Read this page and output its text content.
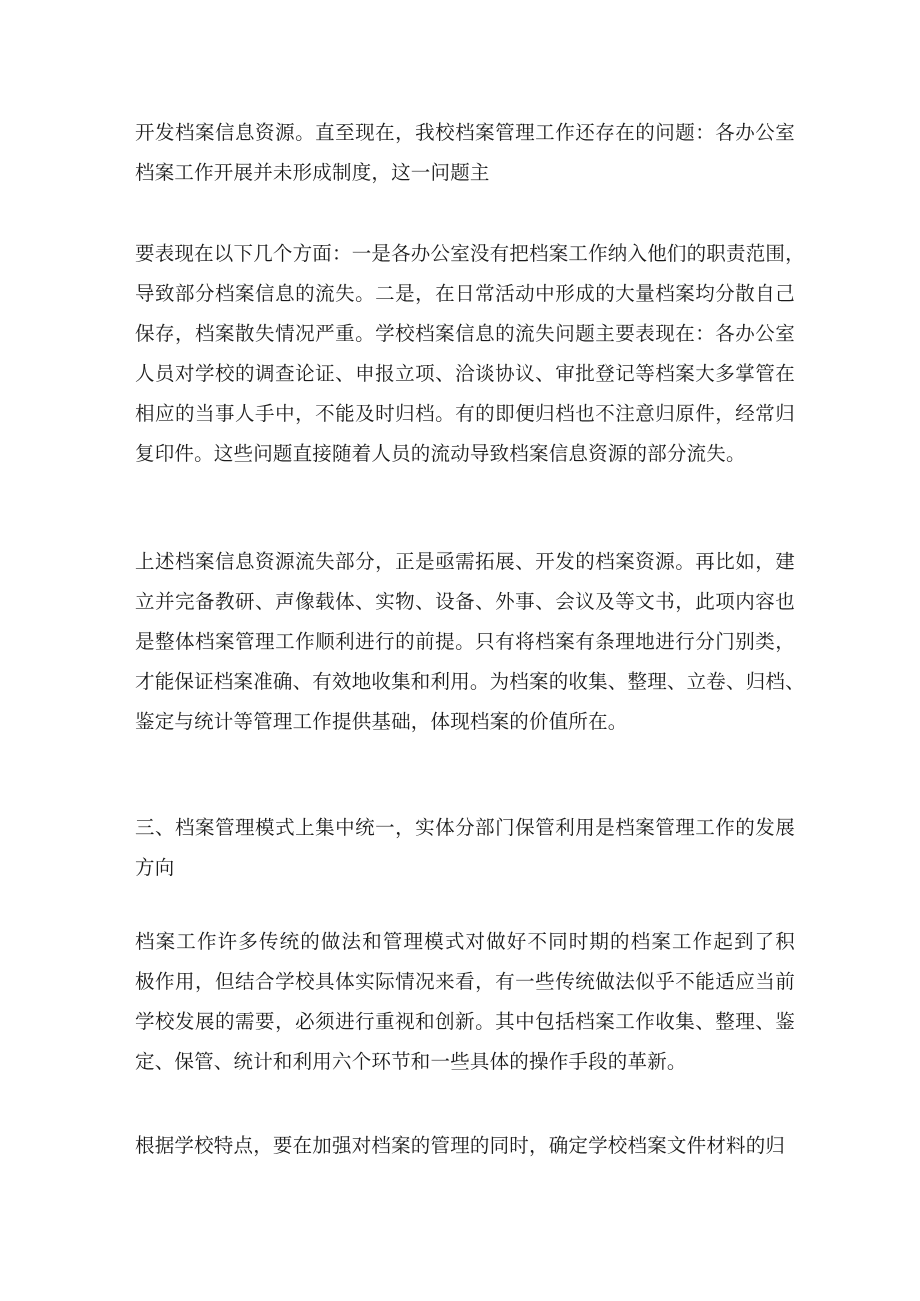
开发档案信息资源。直至现在，我校档案管理工作还存在的问题：各办公室
档案工作开展并未形成制度，这一问题主
要表现在以下几个方面：一是各办公室没有把档案工作纳入他们的职责范围，
导致部分档案信息的流失。二是，在日常活动中形成的大量档案均分散自己
保存，档案散失情况严重。学校档案信息的流失问题主要表现在：各办公室
人员对学校的调查论证、申报立项、洽谈协议、审批登记等档案大多掌管在
相应的当事人手中，不能及时归档。有的即便归档也不注意归原件，经常归
复印件。这些问题直接随着人员的流动导致档案信息资源的部分流失。
上述档案信息资源流失部分，正是亟需拓展、开发的档案资源。再比如，建
立并完备教研、声像载体、实物、设备、外事、会议及等文书，此项内容也
是整体档案管理工作顺利进行的前提。只有将档案有条理地进行分门别类，
才能保证档案准确、有效地收集和利用。为档案的收集、整理、立卷、归档、
鉴定与统计等管理工作提供基础，体现档案的价值所在。
三、档案管理模式上集中统一，实体分部门保管利用是档案管理工作的发展
方向
档案工作许多传统的做法和管理模式对做好不同时期的档案工作起到了积
极作用，但结合学校具体实际情况来看，有一些传统做法似乎不能适应当前
学校发展的需要，必须进行重视和创新。其中包括档案工作收集、整理、鉴
定、保管、统计和利用六个环节和一些具体的操作手段的革新。
根据学校特点，要在加强对档案的管理的同时，确定学校档案文件材料的归
